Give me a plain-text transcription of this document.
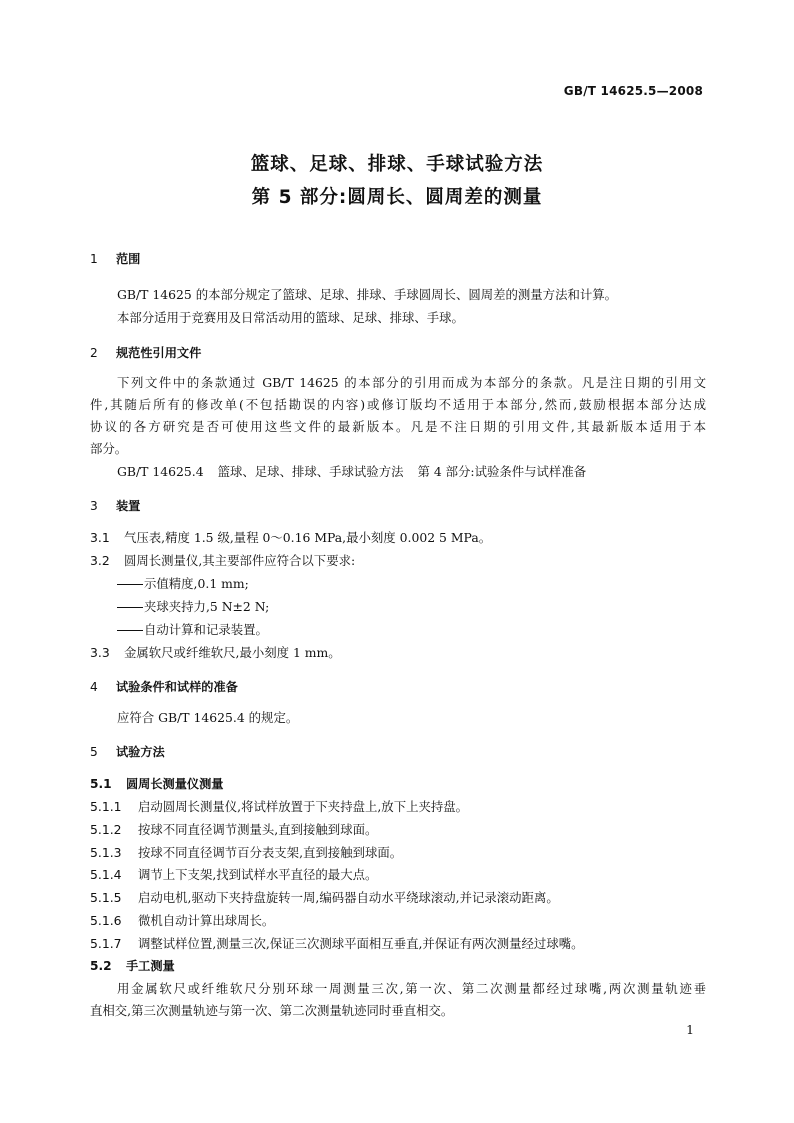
GB/T 14625.5—2008
篮球、足球、排球、手球试验方法
第 5 部分:圆周长、圆周差的测量
1 范围
GB/T 14625 的本部分规定了篮球、足球、排球、手球圆周长、圆周差的测量方法和计算。
本部分适用于竞赛用及日常活动用的篮球、足球、排球、手球。
2 规范性引用文件
下列文件中的条款通过 GB/T 14625 的本部分的引用而成为本部分的条款。凡是注日期的引用文
件,其随后所有的修改单(不包括勘误的内容)或修订版均不适用于本部分,然而,鼓励根据本部分达成
协议的各方研究是否可使用这些文件的最新版本。凡是不注日期的引用文件,其最新版本适用于本
部分。
GB/T 14625.4 篮球、足球、排球、手球试验方法 第 4 部分:试验条件与试样准备
3 装置
3.1 气压表,精度 1.5 级,量程 0～0.16 MPa,最小刻度 0.002 5 MPa。
3.2 圆周长测量仪,其主要部件应符合以下要求:
示值精度,0.1 mm;
夹球夹持力,5 N±2 N;
自动计算和记录装置。
3.3 金属软尺或纤维软尺,最小刻度 1 mm。
4 试验条件和试样的准备
应符合 GB/T 14625.4 的规定。
5 试验方法
5.1 圆周长测量仪测量
5.1.1 启动圆周长测量仪,将试样放置于下夹持盘上,放下上夹持盘。
5.1.2 按球不同直径调节测量头,直到接触到球面。
5.1.3 按球不同直径调节百分表支架,直到接触到球面。
5.1.4 调节上下支架,找到试样水平直径的最大点。
5.1.5 启动电机,驱动下夹持盘旋转一周,编码器自动水平绕球滚动,并记录滚动距离。
5.1.6 微机自动计算出球周长。
5.1.7 调整试样位置,测量三次,保证三次测球平面相互垂直,并保证有两次测量经过球嘴。
5.2 手工测量
用金属软尺或纤维软尺分别环球一周测量三次,第一次、第二次测量都经过球嘴,两次测量轨迹垂
直相交,第三次测量轨迹与第一次、第二次测量轨迹同时垂直相交。
1
